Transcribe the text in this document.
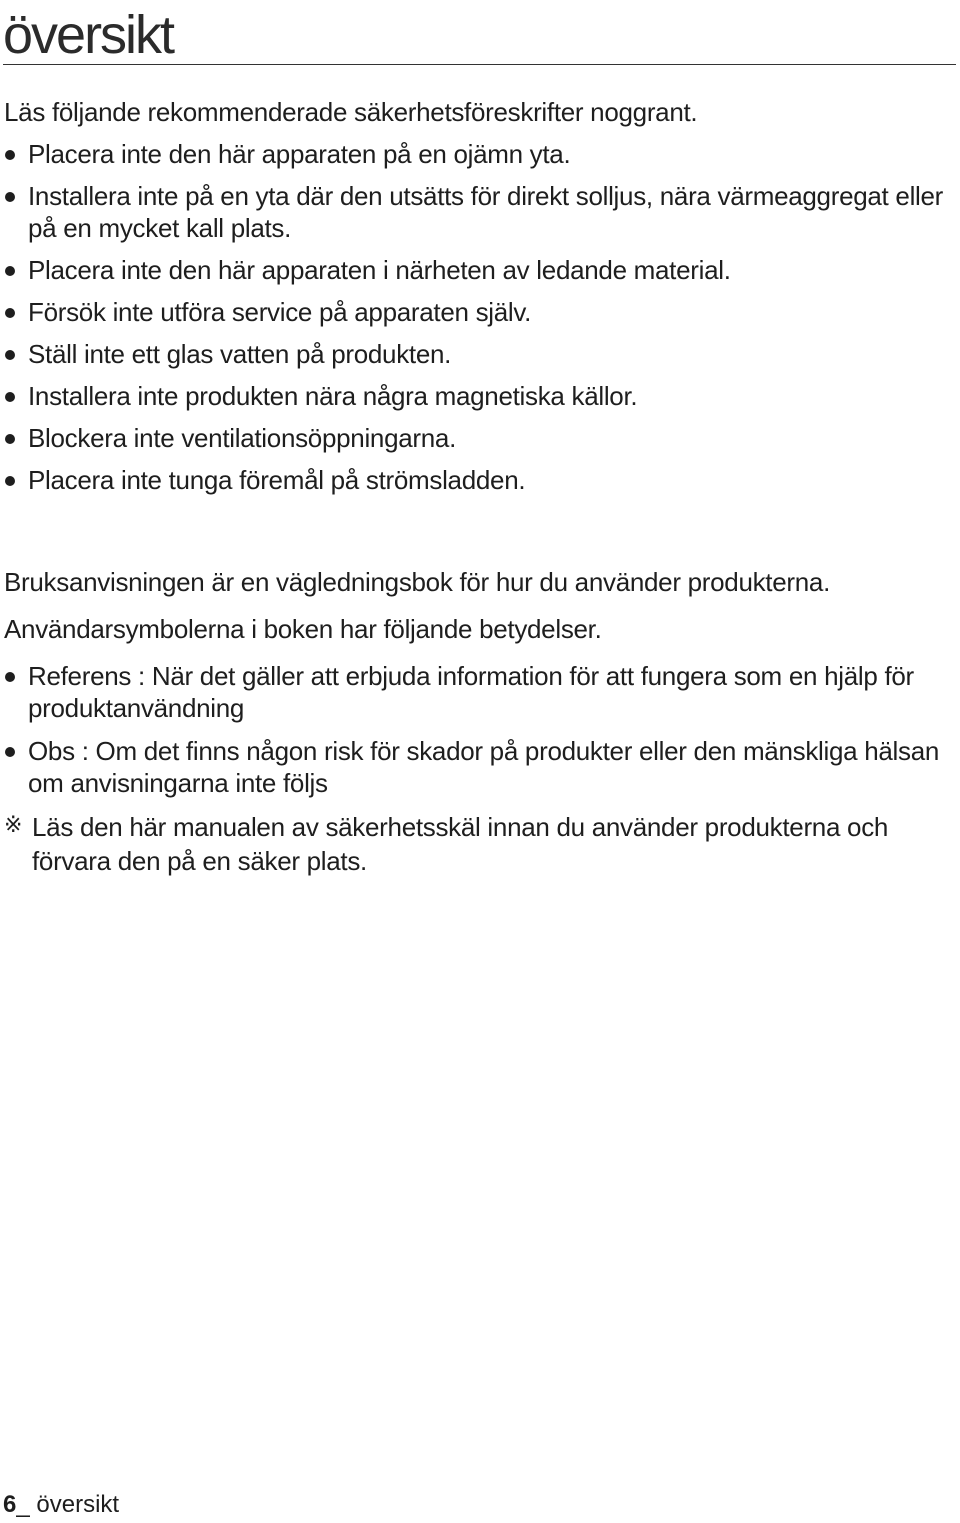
översikt

Läs följande rekommenderade säkerhetsföreskrifter noggrant.

Placera inte den här apparaten på en ojämn yta.
Installera inte på en yta där den utsätts för direkt solljus, nära värmeaggregat eller på en mycket kall plats.
Placera inte den här apparaten i närheten av ledande material.
Försök inte utföra service på apparaten själv.
Ställ inte ett glas vatten på produkten.
Installera inte produkten nära några magnetiska källor.
Blockera inte ventilationsöppningarna.
Placera inte tunga föremål på strömsladden.

Bruksanvisningen är en vägledningsbok för hur du använder produkterna.

Användarsymbolerna i boken har följande betydelser.

Referens : När det gäller att erbjuda information för att fungera som en hjälp för produktanvändning
Obs : Om det finns någon risk för skador på produkter eller den mänskliga hälsan om anvisningarna inte följs
※ Läs den här manualen av säkerhetsskäl innan du använder produkterna och förvara den på en säker plats.
6_ översikt
